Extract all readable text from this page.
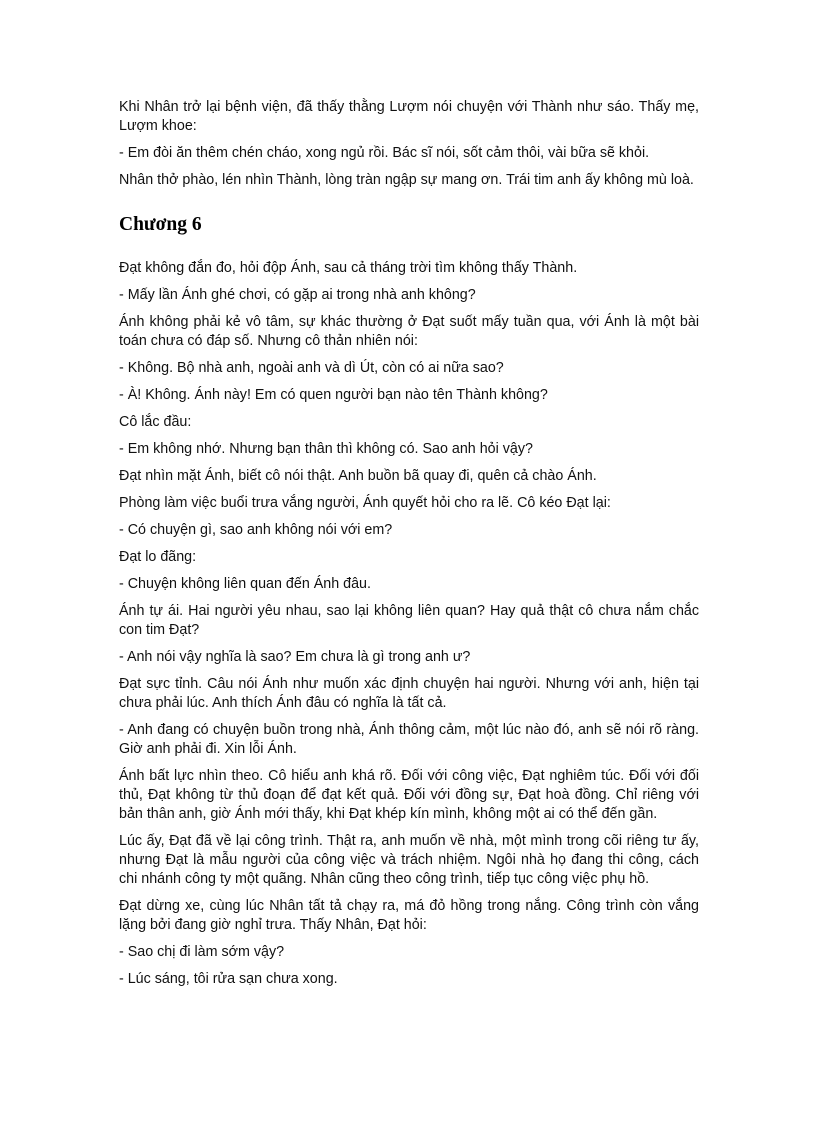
Khi Nhân trở lại bệnh viện, đã thấy thằng Lượm nói chuyện với Thành như sáo. Thấy mẹ, Lượm khoe:

- Em đòi ăn thêm chén cháo, xong ngủ rồi. Bác sĩ nói, sốt cảm thôi, vài bữa sẽ khỏi.

Nhân thở phào, lén nhìn Thành, lòng tràn ngập sự mang ơn. Trái tim anh ấy không mù loà.

Chương 6

Đạt không đắn đo, hỏi độp Ánh, sau cả tháng trời tìm không thấy Thành.

- Mấy lần Ánh ghé chơi, có gặp ai trong nhà anh không?

Ánh không phải kẻ vô tâm, sự khác thường ở Đạt suốt mấy tuần qua, với Ánh là một bài toán chưa có đáp số. Nhưng cô thản nhiên nói:

- Không. Bộ nhà anh, ngoài anh và dì Út, còn có ai nữa sao?

- À! Không. Ánh này! Em có quen người bạn nào tên Thành không?

Cô lắc đầu:

- Em không nhớ. Nhưng bạn thân thì không có. Sao anh hỏi vậy?

Đạt nhìn mặt Ánh, biết cô nói thật. Anh buồn bã quay đi, quên cả chào Ánh.

Phòng làm việc buổi trưa vắng người, Ánh quyết hỏi cho ra lẽ. Cô kéo Đạt lại:

- Có chuyện gì, sao anh không nói với em?

Đạt lo đãng:

- Chuyện không liên quan đến Ánh đâu.

Ánh tự ái. Hai người yêu nhau, sao lại không liên quan? Hay quả thật cô chưa nắm chắc con tim Đạt?

- Anh nói vậy nghĩa là sao? Em chưa là gì trong anh ư?

Đạt sực tỉnh. Câu nói Ánh như muốn xác định chuyện hai người. Nhưng với anh, hiện tại chưa phải lúc. Anh thích Ánh đâu có nghĩa là tất cả.

- Anh đang có chuyện buồn trong nhà, Ánh thông cảm, một lúc nào đó, anh sẽ nói rõ ràng. Giờ anh phải đi. Xin lỗi Ánh.

Ánh bất lực nhìn theo. Cô hiểu anh khá rõ. Đối với công việc, Đạt nghiêm túc. Đối với đối thủ, Đạt không từ thủ đoạn để đạt kết quả. Đối với đồng sự, Đạt hoà đồng. Chỉ riêng với bản thân anh, giờ Ánh mới thấy, khi Đạt khép kín mình, không một ai có thể đến gần.

Lúc ấy, Đạt đã về lại công trình. Thật ra, anh muốn về nhà, một mình trong cõi riêng tư ấy, nhưng Đạt là mẫu người của công việc và trách nhiệm. Ngôi nhà họ đang thi công, cách chi nhánh công ty một quãng. Nhân cũng theo công trình, tiếp tục công việc phụ hồ.

Đạt dừng xe, cùng lúc Nhân tất tả chạy ra, má đỏ hồng trong nắng. Công trình còn vắng lặng bởi đang giờ nghỉ trưa. Thấy Nhân, Đạt hỏi:

- Sao chị đi làm sớm vậy?

- Lúc sáng, tôi rửa sạn chưa xong.
